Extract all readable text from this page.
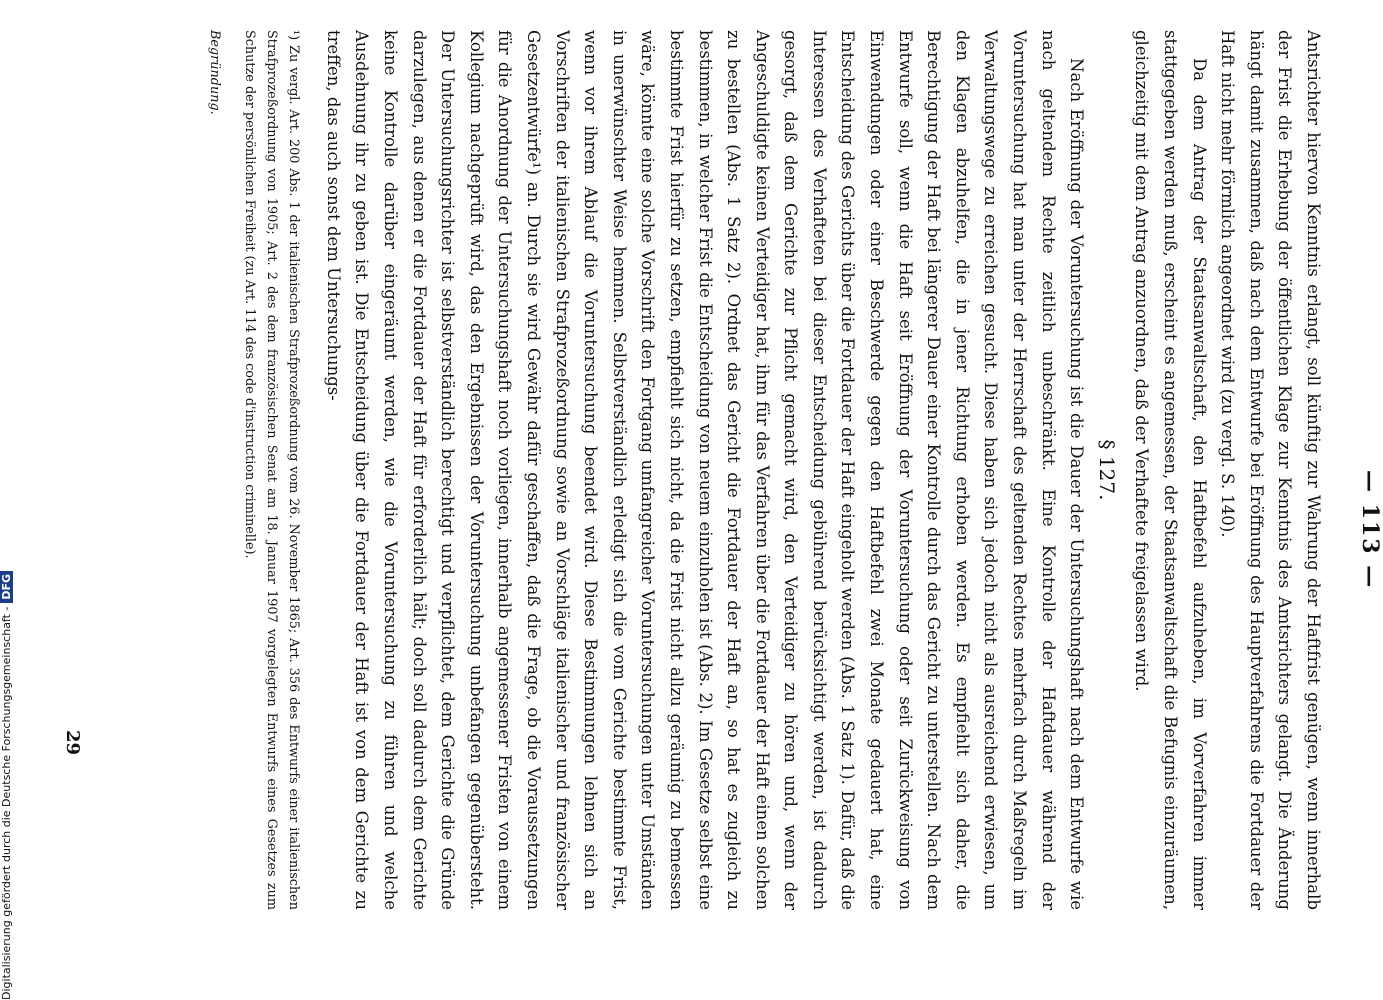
— 113 —

Antsrichter hiervon Kenntnis erlangt, soll künftig zur Wahrung der Haftfrist genügen, wenn innerhalb der Frist die Erhebung der öffentlichen Klage zur Kenntnis des Amtsrichters gelangt. Die Änderung hängt damit zusammen, daß nach dem Entwurfe bei Eröffnung des Hauptverfahrens die Fortdauer der Haft nicht mehr förmlich angeordnet wird (zu vergl. S. 140).

Da dem Antrag der Staatsanwaltschaft, den Haftbefehl aufzuheben, im Vorverfahren immer stattgegeben werden muß, erscheint es angemessen, der Staatsanwaltschaft die Befugnis einzuräumen, gleichzeitig mit dem Antrag anzuordnen, daß der Verhaftete freigelassen wird.

§ 127.

Nach Eröffnung der Voruntersuchung ist die Dauer der Untersuchungshaft nach dem Entwurfe wie nach geltendem Rechte zeitlich unbeschränkt. Eine Kontrolle der Haftdauer während der Voruntersuchung hat man unter der Herrschaft des geltenden Rechtes mehrfach durch Maßregeln im Verwaltungswege zu erreichen gesucht. Diese haben sich jedoch nicht als ausreichend erwiesen, um den Klagen abzuhelfen, die in jener Richtung erhoben werden. Es empfiehlt sich daher, die Berechtigung der Haft bei längerer Dauer einer Kontrolle durch das Gericht zu unterstellen. Nach dem Entwurfe soll, wenn die Haft seit Eröffnung der Voruntersuchung oder seit Zurückweisung von Einwendungen oder einer Beschwerde gegen den Haftbefehl zwei Monate gedauert hat, eine Entscheidung des Gerichts über die Fortdauer der Haft eingeholt werden (Abs. 1 Satz 1). Dafür, daß die Interessen des Verhafteten bei dieser Entscheidung gebührend berücksichtigt werden, ist dadurch gesorgt, daß dem Gerichte zur Pflicht gemacht wird, den Verteidiger zu hören und, wenn der Angeschuldigte keinen Verteidiger hat, ihm für das Verfahren über die Fortdauer der Haft einen solchen zu bestellen (Abs. 1 Satz 2). Ordnet das Gericht die Fortdauer der Haft an, so hat es zugleich zu bestimmen, in welcher Frist die Entscheidung von neuem einzuholen ist (Abs. 2). Im Gesetze selbst eine bestimmte Frist hierfür zu setzen, empfiehlt sich nicht, da die Frist nicht allzu geräumig zu bemessen wäre, könnte eine solche Vorschrift den Fortgang umfangreicher Voruntersuchungen unter Umständen in unerwünschter Weise hemmen. Selbstverständlich erledigt sich die vom Gerichte bestimmte Frist, wenn vor ihrem Ablauf die Voruntersuchung beendet wird. Diese Bestimmungen lehnen sich an Vorschriften der italienischen Strafprozeßordnung sowie an Vorschläge italienischer und französischer Gesetzentwürfe¹) an. Durch sie wird Gewähr dafür geschaffen, daß die Frage, ob die Voraussetzungen für die Anordnung der Untersuchungshaft noch vorliegen, innerhalb angemessener Fristen von einem Kollegium nachgeprüft wird, das den Ergebnissen der Voruntersuchung unbefangen gegenübersteht. Der Untersuchungsrichter ist selbstverständlich berechtigt und verpflichtet, dem Gerichte die Gründe darzulegen, aus denen er die Fortdauer der Haft für erforderlich hält; doch soll dadurch dem Gerichte keine Kontrolle darüber eingeräumt werden, wie die Voruntersuchung zu führen und welche Ausdehnung ihr zu geben ist. Die Entscheidung über die Fortdauer der Haft ist von dem Gerichte zu treffen, das auch sonst dem Untersuchungs-

¹) Zu vergl. Art. 200 Abs. 1 der italienischen Strafprozeßordnung vom 26. November 1865; Art. 356 des Entwurfs einer italienischen Strafprozeßordnung von 1905; Art. 2 des dem französischen Senat am 18. Januar 1907 vorgelegten Entwurfs eines Gesetzes zum Schutze der persönlichen Freiheit (zu Art. 114 des code d'instruction criminelle).
Begründung.
29
Digitalisierung gefördert durch die Deutsche Forschungsgemeinschaft -DFG
